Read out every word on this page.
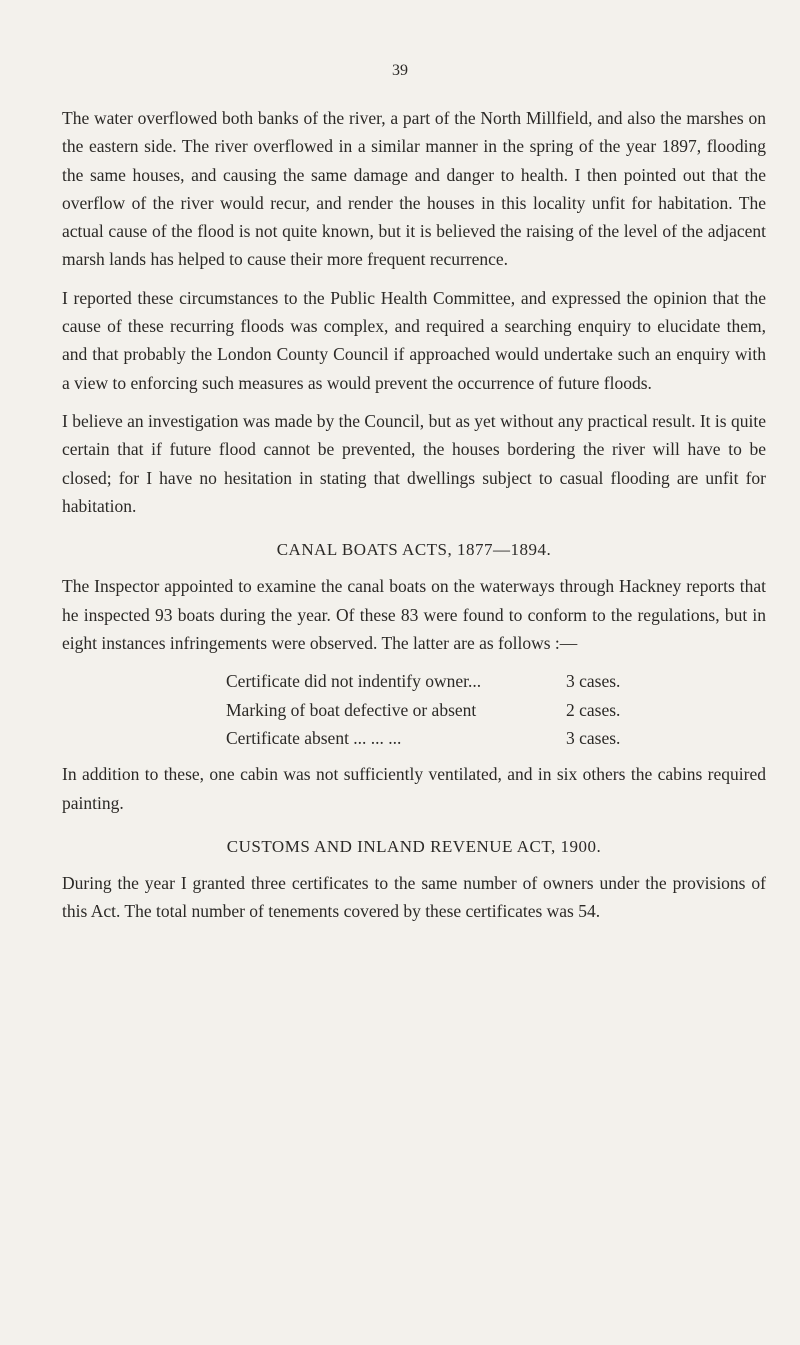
39

The water overflowed both banks of the river, a part of the North Millfield, and also the marshes on the eastern side. The river overflowed in a similar manner in the spring of the year 1897, flooding the same houses, and causing the same damage and danger to health. I then pointed out that the overflow of the river would recur, and render the houses in this locality unfit for habitation. The actual cause of the flood is not quite known, but it is believed the raising of the level of the adjacent marsh lands has helped to cause their more frequent recurrence.

I reported these circumstances to the Public Health Committee, and expressed the opinion that the cause of these recurring floods was complex, and required a searching enquiry to elucidate them, and that probably the London County Council if approached would undertake such an enquiry with a view to enforcing such measures as would prevent the occurrence of future floods.

I believe an investigation was made by the Council, but as yet without any practical result. It is quite certain that if future flood cannot be prevented, the houses bordering the river will have to be closed; for I have no hesitation in stating that dwellings subject to casual flooding are unfit for habitation.

CANAL BOATS ACTS, 1877—1894.

The Inspector appointed to examine the canal boats on the waterways through Hackney reports that he inspected 93 boats during the year. Of these 83 were found to conform to the regulations, but in eight instances infringements were observed. The latter are as follows :—

Certificate did not indentify owner...	3 cases.
Marking of boat defective or absent	2 cases.
Certificate absent ... ... ...	3 cases.

In addition to these, one cabin was not sufficiently ventilated, and in six others the cabins required painting.

CUSTOMS AND INLAND REVENUE ACT, 1900.

During the year I granted three certificates to the same number of owners under the provisions of this Act. The total number of tenements covered by these certificates was 54.
